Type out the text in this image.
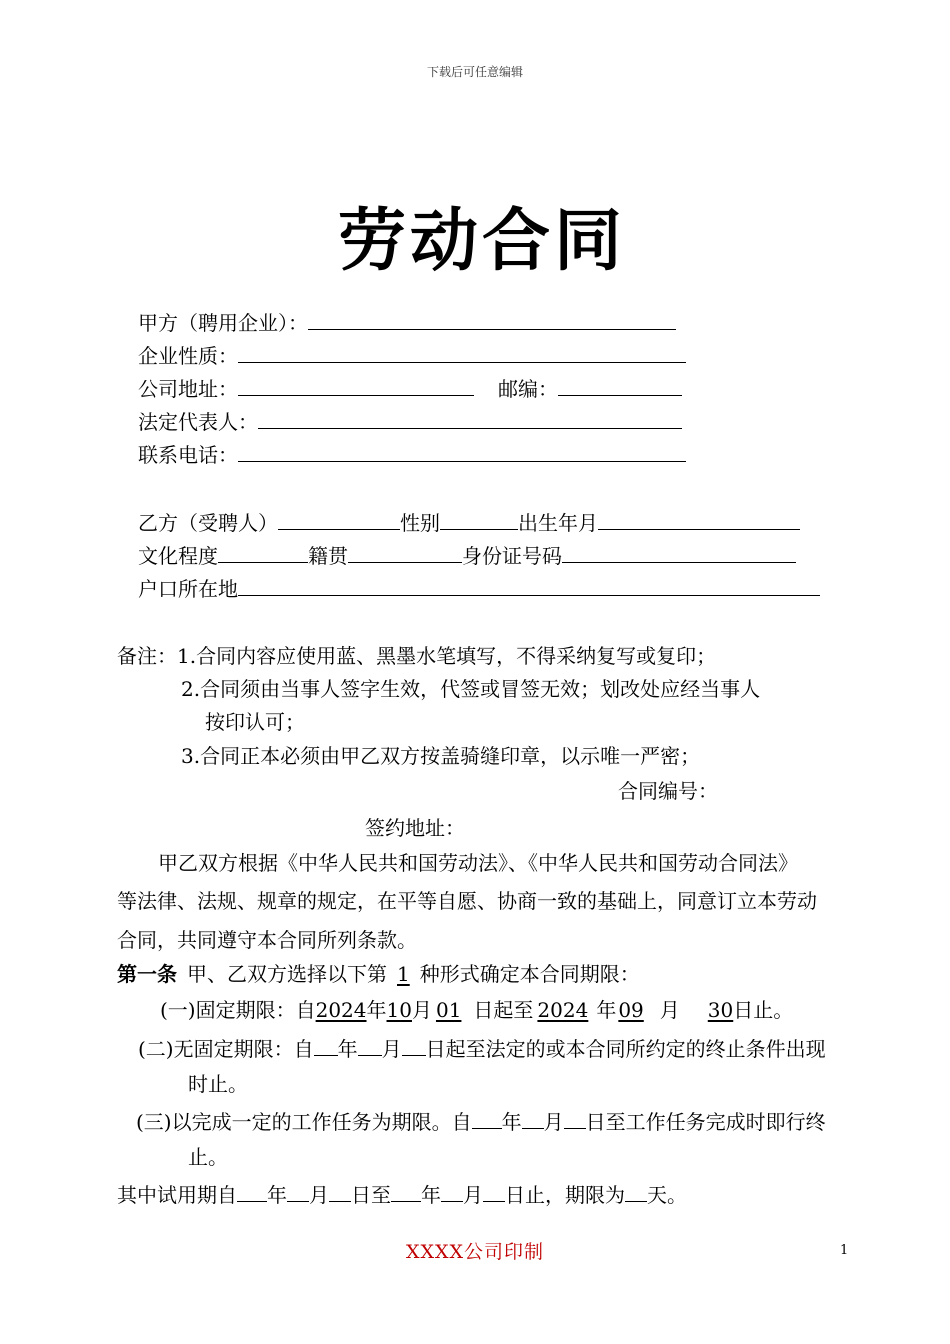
下载后可任意编辑
劳动合同
甲方（聘用企业）：
企业性质：
公司地址：	邮编：
法定代表人：
联系电话：
乙方（受聘人）	性别	出生年月
文化程度	籍贯	身份证号码
户口所在地
备注：1.合同内容应使用蓝、黑墨水笔填写，不得采纳复写或复印；
2.合同须由当事人签字生效，代签或冒签无效；划改处应经当事人
按印认可；
3.合同正本必须由甲乙双方按盖骑缝印章，以示唯一严密；
合同编号：
签约地址：
甲乙双方根据《中华人民共和国劳动法》、《中华人民共和国劳动合同法》
等法律、法规、规章的规定，在平等自愿、协商一致的基础上，同意订立本劳动
合同，共同遵守本合同所列条款。
第一条 甲、乙双方选择以下第 1 种形式确定本合同期限：
(一)固定期限：自2024年10月 01 日起至 2024 年 09 月 30日止。
(二)无固定期限：自 年 月 日起至法定的或本合同所约定的终止条件出现
时止。
(三)以完成一定的工作任务为期限。自 年 月 日至工作任务完成时即行终
止。
其中试用期自 年 月 日至 年 月 日止，期限为 天。
XXXX公司印制	1
